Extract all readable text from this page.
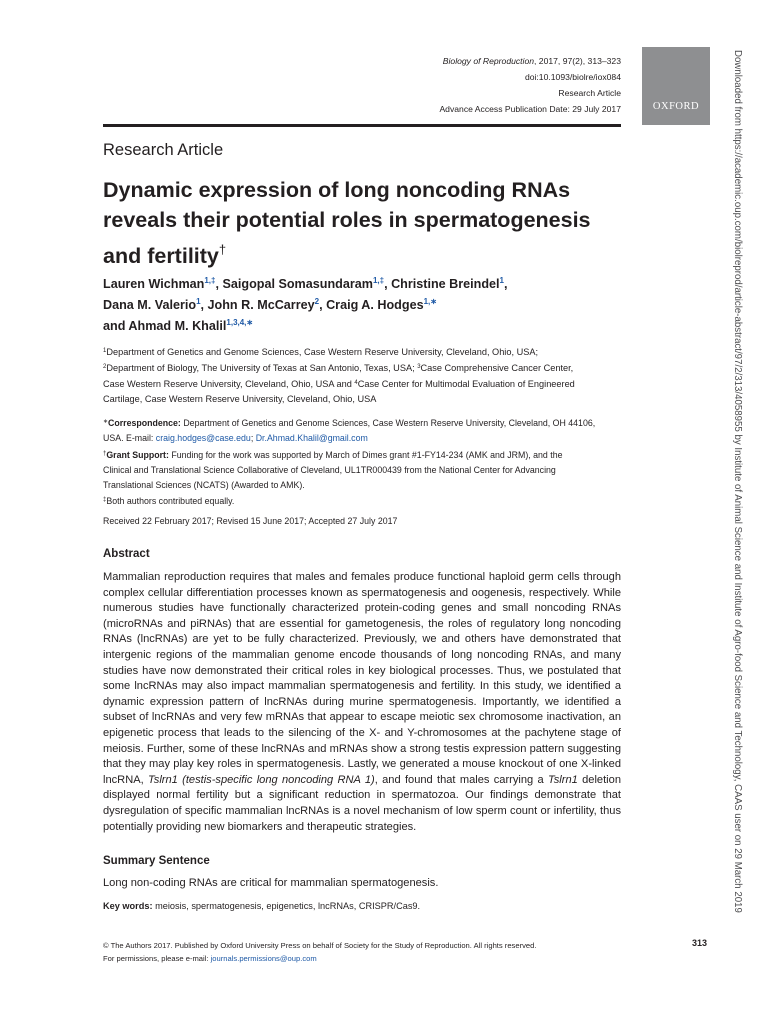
Biology of Reproduction, 2017, 97(2), 313–323
doi:10.1093/biolre/iox084
Research Article
Advance Access Publication Date: 29 July 2017	OXFORD
Research Article
Dynamic expression of long noncoding RNAs
reveals their potential roles in spermatogenesis
and fertility†
Lauren Wichman$^{1,\ddagger}$, Saigopal Somasundaram$^{1,\ddagger}$, Christine Breindel$^1$,
Dana M. Valerio$^1$, John R. McCarrey$^2$, Craig A. Hodges$^{1,∗}$
and Ahmad M. Khalil$^{1,3,4,∗}$
$^1$Department of Genetics and Genome Sciences, Case Western Reserve University, Cleveland, Ohio, USA;
$^2$Department of Biology, The University of Texas at San Antonio, Texas, USA; $^3$Case Comprehensive Cancer Center,
Case Western Reserve University, Cleveland, Ohio, USA and $^4$Case Center for Multimodal Evaluation of Engineered
Cartilage, Case Western Reserve University, Cleveland, Ohio, USA
∗Correspondence: Department of Genetics and Genome Sciences, Case Western Reserve University, Cleveland, OH 44106,
USA. E-mail: craig.hodges@case.edu; Dr.Ahmad.Khalil@gmail.com
†Grant Support: Funding for the work was supported by March of Dimes grant #1-FY14-234 (AMK and JRM), and the
Clinical and Translational Science Collaborative of Cleveland, UL1TR000439 from the National Center for Advancing
Translational Sciences (NCATS) (Awarded to AMK).
‡Both authors contributed equally.
Received 22 February 2017; Revised 15 June 2017; Accepted 27 July 2017
Abstract

Mammalian reproduction requires that males and females produce functional haploid germ cells through complex cellular differentiation processes known as spermatogenesis and oogenesis, respectively. While numerous studies have functionally characterized protein-coding genes and small noncoding RNAs (microRNAs and piRNAs) that are essential for gametogenesis, the roles of regulatory long noncoding RNAs (lncRNAs) are yet to be fully characterized. Previously, we and others have demonstrated that intergenic regions of the mammalian genome encode thousands of long noncoding RNAs, and many studies have now demonstrated their critical roles in key biological processes. Thus, we postulated that some lncRNAs may also impact mammalian spermatogenesis and fertility. In this study, we identified a dynamic expression pattern of lncRNAs during murine spermatogenesis. Importantly, we identified a subset of lncRNAs and very few mRNAs that appear to escape meiotic sex chromosome inactivation, an epigenetic process that leads to the silencing of the X- and Y-chromosomes at the pachytene stage of meiosis. Further, some of these lncRNAs and mRNAs show a strong testis expression pattern suggesting that they may play key roles in spermatogenesis. Lastly, we generated a mouse knockout of one X-linked lncRNA, Tslrn1 (testis-specific long noncoding RNA 1), and found that males carrying a Tslrn1 deletion displayed normal fertility but a significant reduction in spermatozoa. Our findings demonstrate that dysregulation of specific mammalian lncRNAs is a novel mechanism of low sperm count or infertility, thus potentially providing new biomarkers and therapeutic strategies.

Summary Sentence

Long non-coding RNAs are critical for mammalian spermatogenesis.

Key words: meiosis, spermatogenesis, epigenetics, lncRNAs, CRISPR/Cas9.

© The Authors 2017. Published by Oxford University Press on behalf of Society for the Study of Reproduction. All rights reserved.
For permissions, please e-mail: journals.permissions@oup.com
313
Downloaded from https://academic.oup.com/biolreprod/article-abstract/97/2/313/4058955 by Institute of Animal Science and Institute of Agro-food Science and Technology, CAAS user on 29 March 2019
